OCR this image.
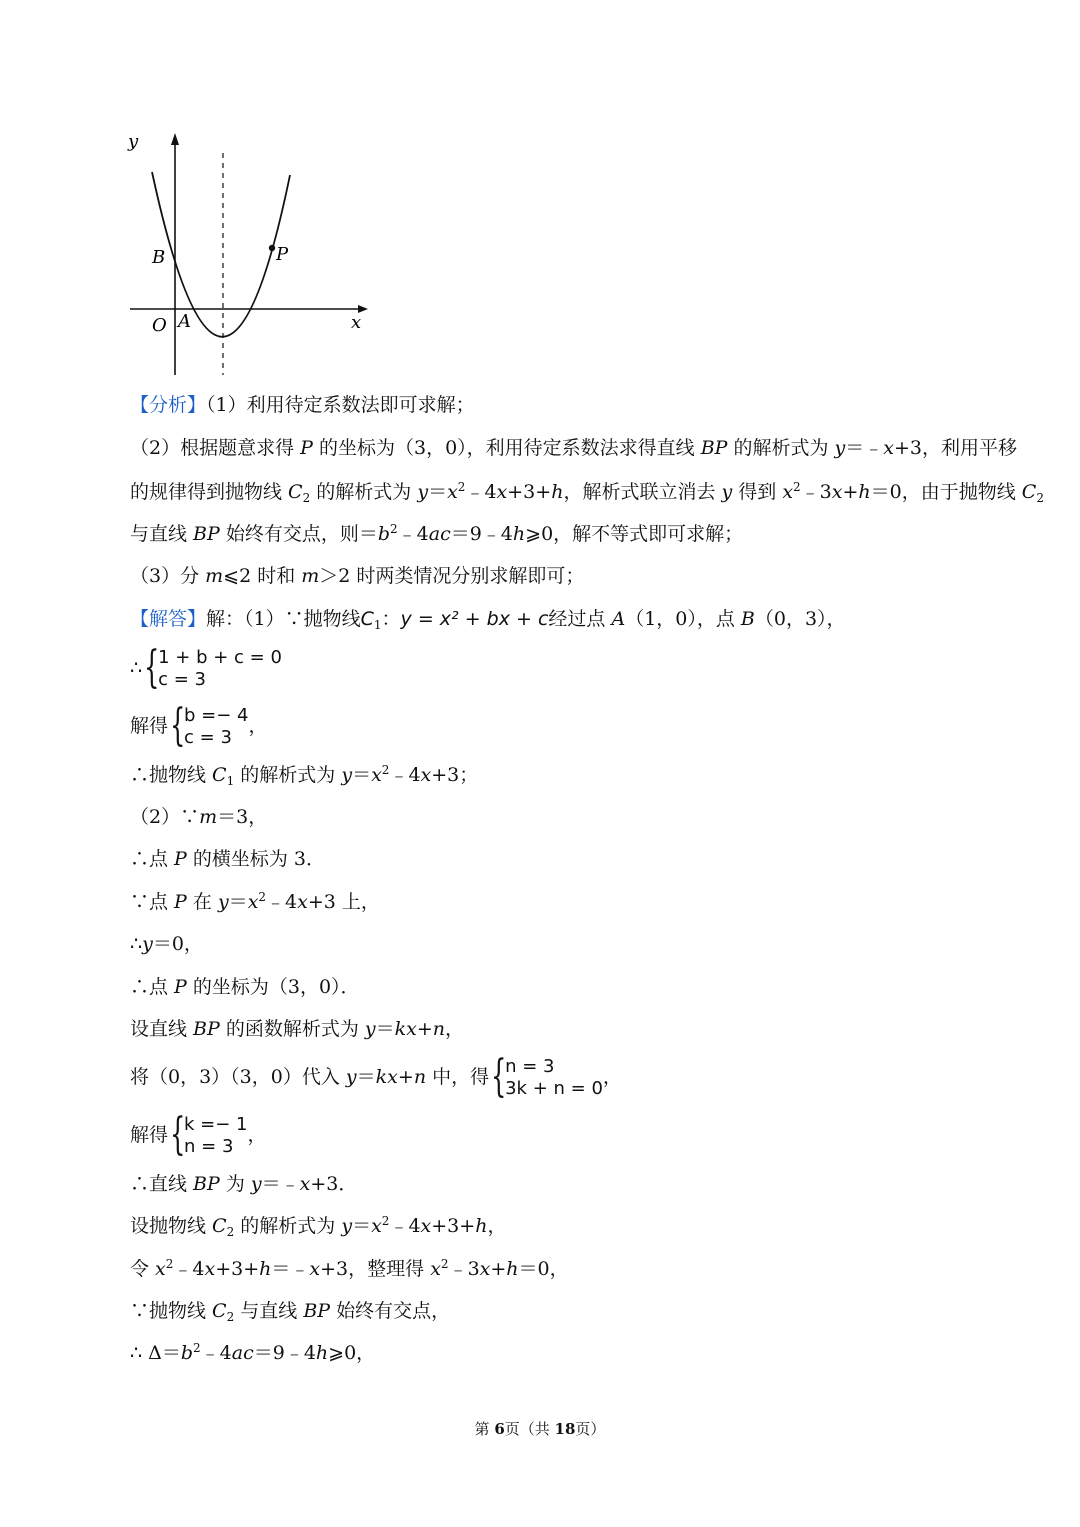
y
x
O A
B	P
【分析】（1）利用待定系数法即可求解；
（2）根据题意求得 P 的坐标为（3，0），利用待定系数法求得直线 BP 的解析式为 y＝﹣x+3，利用平移
的规律得到抛物线 $C_2$ 的解析式为 $y=x^2﹣4x+3+h$，解析式联立消去 y 得到 $x^2﹣3x+h=0$，由于抛物线 $C_2$
与直线 BP 始终有交点，则$=b^2﹣4ac=9﹣4h⩾0$，解不等式即可求解；
（3）分 m⩽2 时和 m＞2 时两类情况分别求解即可；
【解答】解：（1）∵抛物线$C_1$：y = x² + bx + c经过点 A（1，0），点 B（0，3），
∴ {
1 + b + c = 0
c = 3
解得 {
b =− 4
c = 3
，
∴抛物线 $C_1$ 的解析式为 $y=x^2﹣4x+3$；
（2）∵m＝3，
∴点 P 的横坐标为 3．
∵点 P 在 $y=x^2﹣4x+3$ 上，
∴y＝0，
∴点 P 的坐标为（3，0）．
设直线 BP 的函数解析式为 y＝kx+n，
将（0，3）（3，0）代入 y＝kx+n 中，得 {
n = 3
3k + n = 0
，
解得 {
k =− 1
n = 3
，
∴直线 BP 为 y＝﹣x+3．
设抛物线 $C_2$ 的解析式为 $y=x^2﹣4x+3+h$，
令 $x^2﹣4x+3+h=﹣x+3$，整理得 $x^2﹣3x+h=0$，
∵抛物线 $C_2$ 与直线 BP 始终有交点，
∴ $\Delta=b^2﹣4ac=9﹣4h⩾0$，
第 6页（共 18页）
